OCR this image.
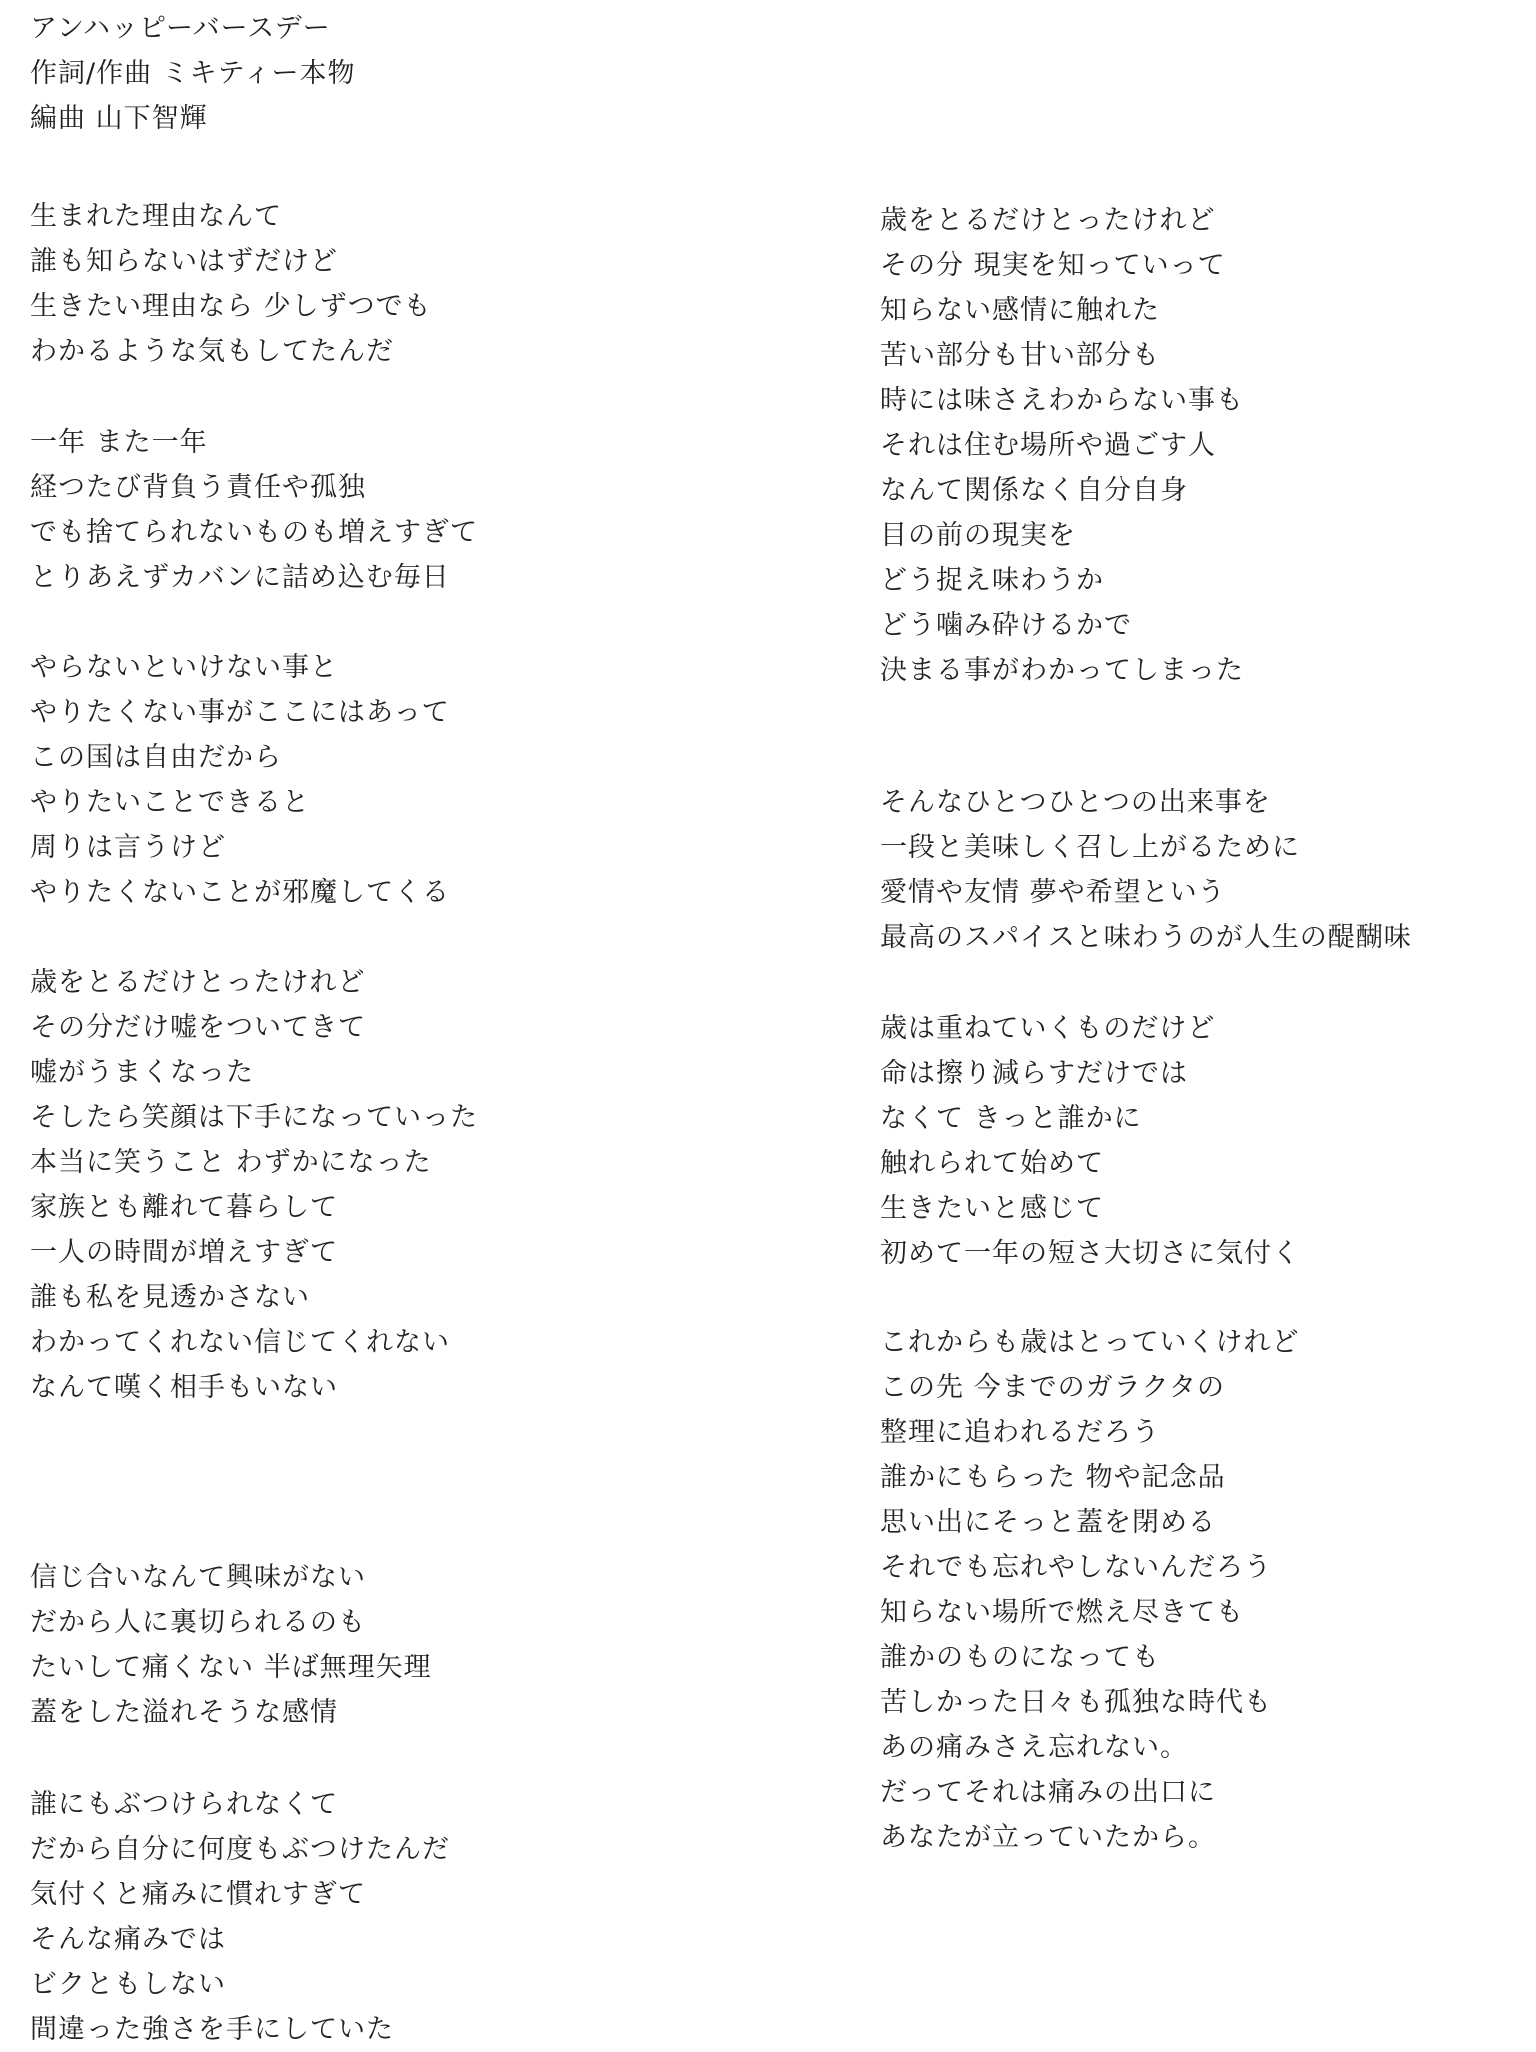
アンハッピーバースデー
作詞/作曲 ミキティー本物
編曲 山下智輝
生まれた理由なんて
誰も知らないはずだけど
生きたい理由なら 少しずつでも
わかるような気もしてたんだ
一年 また一年
経つたび背負う責任や孤独
でも捨てられないものも増えすぎて
とりあえずカバンに詰め込む毎日
やらないといけない事と
やりたくない事がここにはあって
この国は自由だから
やりたいことできると
周りは言うけど
やりたくないことが邪魔してくる
歳をとるだけとったけれど
その分だけ嘘をついてきて
嘘がうまくなった
そしたら笑顔は下手になっていった
本当に笑うこと わずかになった
家族とも離れて暮らして
一人の時間が増えすぎて
誰も私を見透かさない
わかってくれない信じてくれない
なんて嘆く相手もいない
信じ合いなんて興味がない
だから人に裏切られるのも
たいして痛くない 半ば無理矢理
蓋をした溢れそうな感情
誰にもぶつけられなくて
だから自分に何度もぶつけたんだ
気付くと痛みに慣れすぎて
そんな痛みでは
ビクともしない
間違った強さを手にしていた
歳をとるだけとったけれど
その分 現実を知っていって
知らない感情に触れた
苦い部分も甘い部分も
時には味さえわからない事も
それは住む場所や過ごす人
なんて関係なく自分自身
目の前の現実を
どう捉え味わうか
どう噛み砕けるかで
決まる事がわかってしまった
そんなひとつひとつの出来事を
一段と美味しく召し上がるために
愛情や友情 夢や希望という
最高のスパイスと味わうのが人生の醍醐味
歳は重ねていくものだけど
命は擦り減らすだけでは
なくて きっと誰かに
触れられて始めて
生きたいと感じて
初めて一年の短さ大切さに気付く
これからも歳はとっていくけれど
この先 今までのガラクタの
整理に追われるだろう
誰かにもらった 物や記念品
思い出にそっと蓋を閉める
それでも忘れやしないんだろう
知らない場所で燃え尽きても
誰かのものになっても
苦しかった日々も孤独な時代も
あの痛みさえ忘れない。
だってそれは痛みの出口に
あなたが立っていたから。
